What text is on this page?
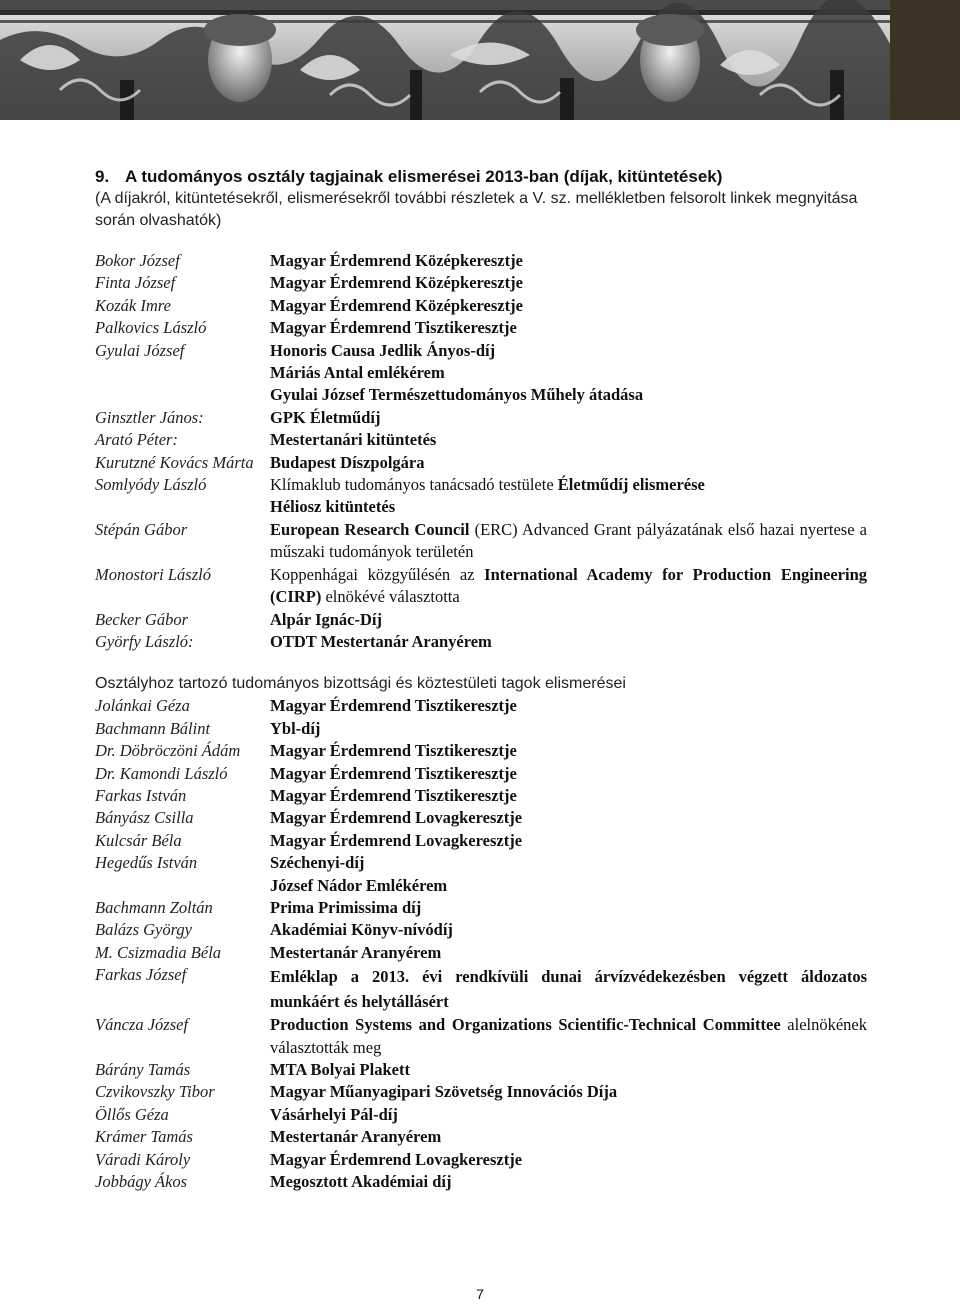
9. A tudományos osztály tagjainak elismerései 2013-ban (díjak, kitüntetések)

(A díjakról, kitüntetésekről, elismerésekről további részletek a V. sz. mellékletben felsorolt linkek megnyitása során olvashatók)

Bokor József	Magyar Érdemrend Középkeresztje
Finta József	Magyar Érdemrend Középkeresztje
Kozák Imre	Magyar Érdemrend Középkeresztje
Palkovics László	Magyar Érdemrend Tisztikeresztje
Gyulai József	Honoris Causa Jedlik Ányos-díj
	Máriás Antal emlékérem
	Gyulai József Természettudományos Műhely átadása
Ginsztler János:	GPK Életműdíj
Arató Péter:	Mestertanári kitüntetés
Kurutzné Kovács Márta	Budapest Díszpolgára
Somlyódy László	Klímaklub tudományos tanácsadó testülete Életműdíj elismerése
	Héliosz kitüntetés
Stépán Gábor	European Research Council (ERC) Advanced Grant pályázatának első hazai nyertese a műszaki tudományok területén
Monostori László	Koppenhágai közgyűlésén az International Academy for Production Engineering (CIRP) elnökévé választotta
Becker Gábor	Alpár Ignác-Díj
Györfy László:	OTDT Mestertanár Aranyérem

Osztályhoz tartozó tudományos bizottsági és köztestületi tagok elismerései

Jolánkai Géza	Magyar Érdemrend Tisztikeresztje
Bachmann Bálint	Ybl-díj
Dr. Döbröczöni Ádám	Magyar Érdemrend Tisztikeresztje
Dr. Kamondi László	Magyar Érdemrend Tisztikeresztje
Farkas István	Magyar Érdemrend Tisztikeresztje
Bányász Csilla	Magyar Érdemrend Lovagkeresztje
Kulcsár Béla	Magyar Érdemrend Lovagkeresztje
Hegedűs István	Széchenyi-díj
	József Nádor Emlékérem
Bachmann Zoltán	Prima Primissima díj
Balázs György	Akadémiai Könyv-nívódíj
M. Csizmadia Béla	Mestertanár Aranyérem
Farkas József	Emléklap a 2013. évi rendkívüli dunai árvízvédekezésben végzett áldozatos munkáért és helytállásért
Váncza József	Production Systems and Organizations Scientific-Technical Committee alelnökének választották meg
Bárány Tamás	MTA Bolyai Plakett
Czvikovszky Tibor	Magyar Műanyagipari Szövetség Innovációs Díja
Öllős Géza	Vásárhelyi Pál-díj
Krámer Tamás	Mestertanár Aranyérem
Váradi Károly	Magyar Érdemrend Lovagkeresztje
Jobbágy Ákos	Megosztott Akadémiai díj
7
